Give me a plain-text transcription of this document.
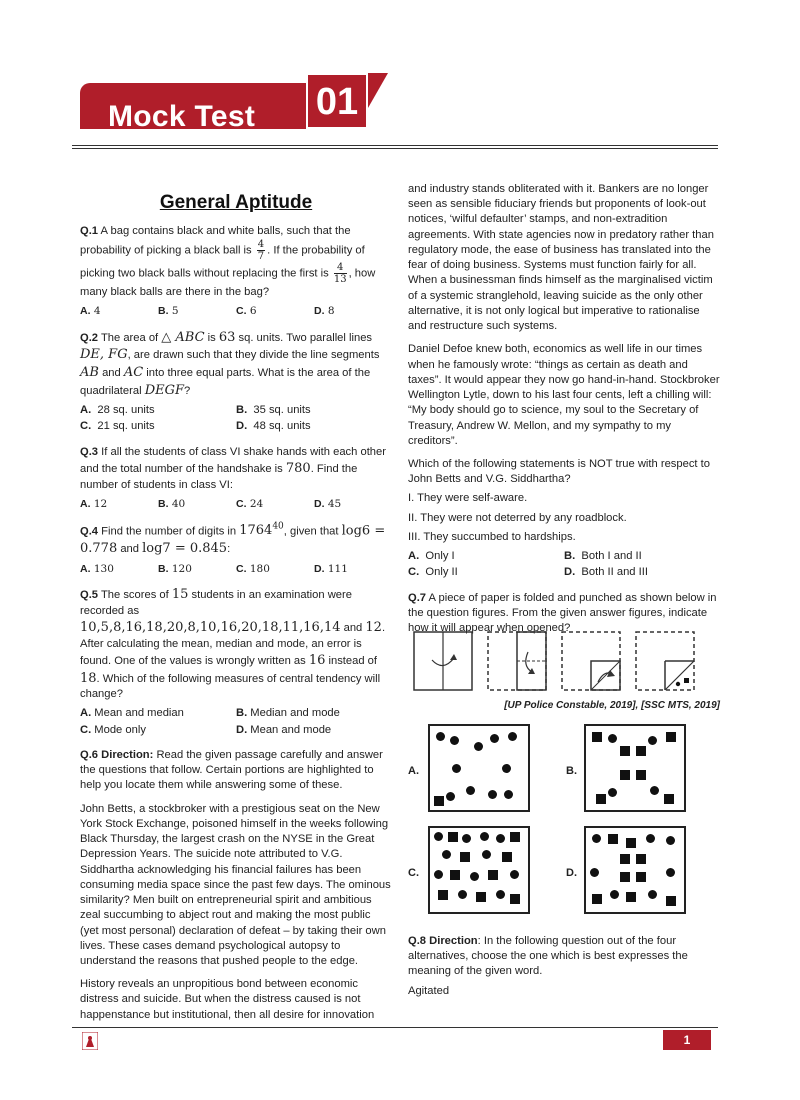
Mock Test 01
General Aptitude

Q.1 A bag contains black and white balls, such that the probability of picking a black ball is $\frac{4}{7}$ . If the probability of picking two black balls without replacing the first is $\frac{4}{13}$ , how many black balls are there in the bag?

A. 4	B. 5	C. 6	D. 8

Q.2 The area of △ ABC is 63 sq. units. Two parallel lines DE, FG, are drawn such that they divide the line segments AB and AC into three equal parts. What is the area of the quadrilateral DEGF?

A. 28 sq. units	B. 35 sq. units
C. 21 sq. units	D. 48 sq. units

Q.3 If all the students of class VI shake hands with each other and the total number of the handshake is 780. Find the number of students in class VI:

A. 12	B. 40	C. 24	D. 45

Q.4 Find the number of digits in 1764$^{40}$, given that log6 = 0.778 and log7 = 0.845:

A. 130	B. 120	C. 180	D. 111

Q.5 The scores of 15 students in an examination were recorded as 10,5,8,16,18,20,8,10,16,20,18,11,16,14 and 12. After calculating the mean, median and mode, an error is found. One of the values is wrongly written as 16 instead of 18. Which of the following measures of central tendency will change?

A. Mean and median	B. Median and mode
C. Mode only	D. Mean and mode

Q.6 Direction: Read the given passage carefully and answer the questions that follow. Certain portions are highlighted to help you locate them while answering some of these.

John Betts, a stockbroker with a prestigious seat on the New York Stock Exchange, poisoned himself in the weeks following Black Thursday, the largest crash on the NYSE in the Great Depression Years. The suicide note attributed to V.G. Siddhartha acknowledging his financial failures has been consuming media space since the past few days. The ominous similarity? Men built on entrepreneurial spirit and ambitious zeal succumbing to abject rout and making the most public (yet most personal) declaration of defeat – by taking their own lives. These cases demand psychological autopsy to understand the reasons that pushed people to the edge.

History reveals an unpropitious bond between economic distress and suicide. But when the distress caused is not happenstance but institutional, then all desire for innovation

and industry stands obliterated with it. Bankers are no longer seen as sensible fiduciary friends but proponents of look-out notices, ‘wilful defaulter’ stamps, and non-extradition agreements. With state agencies now in predatory rather than regulatory mode, the ease of business has translated into the fear of doing business. Systems must function fairly for all. When a businessman finds himself as the marginalised victim of a systemic stranglehold, leaving suicide as the only other alternative, it is not only logical but imperative to rationalise and restructure such systems.

Daniel Defoe knew both, economics as well life in our times when he famously wrote: “things as certain as death and taxes”. It would appear they now go hand-in-hand. Stockbroker Wellington Lytle, down to his last four cents, left a chilling will: “My body should go to science, my soul to the Secretary of Treasury, Andrew W. Mellon, and my sympathy to my creditors”.

Which of the following statements is NOT true with respect to John Betts and V.G. Siddhartha?

I. They were self-aware.

II. They were not deterred by any roadblock.

III. They succumbed to hardships.

A. Only I	B. Both I and II
C. Only II	D. Both II and III

Q.7 A piece of paper is folded and punched as shown below in the question figures. From the given answer figures, indicate how it will appear when opened?

[UP Police Constable, 2019], [SSC MTS, 2019]
A.	B.
C.	D.

Q.8 Direction: In the following question out of the four alternatives, choose the one which is best expresses the meaning of the given word.

Agitated

1
